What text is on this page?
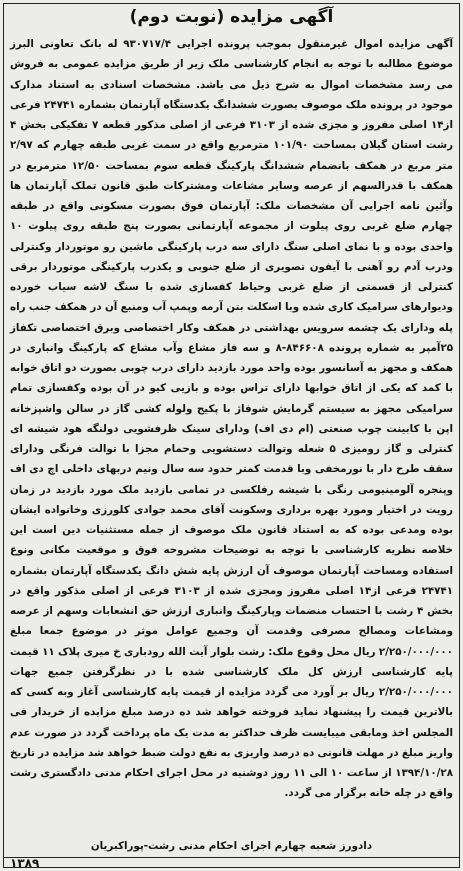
آگهی مزایده (نوبت دوم)
آگهی مزایده اموال غیرمنقول بموجب پرونده اجرایی ۹۳۰۷۱۷/۴ له بانک تعاونی البرز موضوع مطالبه با توجه به انجام کارشناسی ملک زیر از طریق مزایده عمومی به فروش می رسد مشخصات اموال به شرح ذیل می باشد. مشخصات اسنادی به استناد مدارک موجود در پرونده ملک موصوف بصورت ششدانگ یکدستگاه آپارتمان بشماره ۲۴۷۴۱ فرعی از۱۴ اصلی مفروز و مجزی شده از ۳۱۰۳ فرعی از اصلی مذکور قطعه ۷ تفکیکی بخش ۴ رشت استان گیلان بمساحت ۱۰۱/۹۰ مترمربع واقع در سمت غربی طبقه چهارم که ۲/۹۷ متر مربع در همکف بانضمام ششدانگ پارکینگ قطعه سوم بمساحت ۱۲/۵۰ مترمربع در همکف با قدرالسهم از عرصه وسایر مشاعات ومشترکات طبق قانون تملک آپارتمان ها وآئین نامه اجرایی آن مشخصات ملک: آپارتمان فوق بصورت مسکونی واقع در طبقه چهارم ضلع غربی روی پیلوت از مجموعه آپارتمانی بصورت پنج طبقه روی پیلوت ۱۰ واحدی بوده و با نمای اصلی سنگ دارای سه درب پارکینگی ماشین رو موتوردار وکنترلی ودرب آدم رو آهنی با آیفون تصویری از ضلع جنوبی و یکدرب پارکینگی موتوردار برقی کنترلی از قسمتی از ضلع غربی وحیاط کفسازی شده با سنگ لاشه سیاب خورده ودیوارهای سرامیک کاری شده وبا اسکلت بتن آرمه وپمپ آب ومنبع آن در همکف جنب راه پله ودارای یک چشمه سرویس بهداشتی در همکف وکار اختصاصی وبرق اختصاصی تکفاز ۲۵آمپر به شماره پرونده ۸۴۶۶۰۸-۸ و سه فاز مشاع وآب مشاع که پارکینگ وانباری در همکف و مجهز به آسانسور بوده واحد مورد بازدید دارای درب چوبی بصورت دو اتاق خوابه با کمد که یکی از اتاق خوابها دارای تراس بوده و بازیی کیو در آن بوده وکفسازی تمام سرامیکی مجهز به سیستم گرمایش شوفاژ با پکیج ولوله کشی گاز در سالن واشپزخانه اپن با کابینت چوب صنعتی (ام دی اف) ودارای سینک ظرفشویی دولنگه هود شیشه ای کنترلی و گاز رومیزی ۵ شعله وتوالت دستشویی وحمام مجزا با توالت فرنگی ودارای سقف طرح دار با نورمخفی وبا قدمت کمتر حدود سه سال ونیم دربهای داخلی اچ دی اف وپنجره آلومینیومی رنگی با شیشه رفلکسی در تمامی بازدید ملک مورد بازدید در زمان رویت در اختیار ومورد بهره برداری وسکونت آقای محمد جوادی کلورزی وخانواده ایشان بوده ومدعی بوده که به استناد قانون ملک موصوف از جمله مستثنیات دین است این خلاصه نظریه کارشناسی با توجه به توضیحات مشروحه فوق و موقعیت مکانی ونوع استفاده ومساحت آپارتمان موصوف آن ارزش پایه شش دانگ یکدستگاه آپارتمان بشماره ۲۴۷۴۱ فرعی از۱۴ اصلی مفروز ومجزی شده از ۳۱۰۳ فرعی از اصلی مذکور واقع در بخش ۴ رشت با احتساب منضمات وپارکینگ وانباری ارزش حق انشعابات وسهم از عرصه ومشاعات ومصالح مصرفی وقدمت آن وجمیع عوامل موثر در موضوع جمعا مبلغ ۲/۲۵۰/۰۰۰/۰۰۰ ریال محل وقوع ملک: رشت بلوار آیت الله رودباری خ میری پلاک ۱۱ قیمت پایه کارشناسی ارزش کل ملک کارشناسی شده با در نظرگرفتن جمیع جهات ۲/۲۵۰/۰۰۰/۰۰۰ ریال بر آورد می گردد مزایده از قیمت پایه کارشناسی آغاز وبه کسی که بالاترین قیمت را پیشنهاد نماید فروخته خواهد شد ده درصد مبلغ مزایده از خریدار فی المجلس اخذ ومابقی میبایست ظرف حداکثر به مدت یک ماه پرداخت گردد در صورت عدم واریز مبلغ در مهلت قانونی ده درصد واریزی به نفع دولت ضبط خواهد شد مزایده در تاریخ ۱۳۹۴/۱۰/۲۸ از ساعت ۱۰ الی ۱۱ روز دوشنبه در محل اجرای احکام مدنی دادگستری رشت واقع در چله خانه برگزار می گردد.
دادورز شعبه چهارم اجرای احکام مدنی رشت-پوراکبریان
۱۳۸۹
